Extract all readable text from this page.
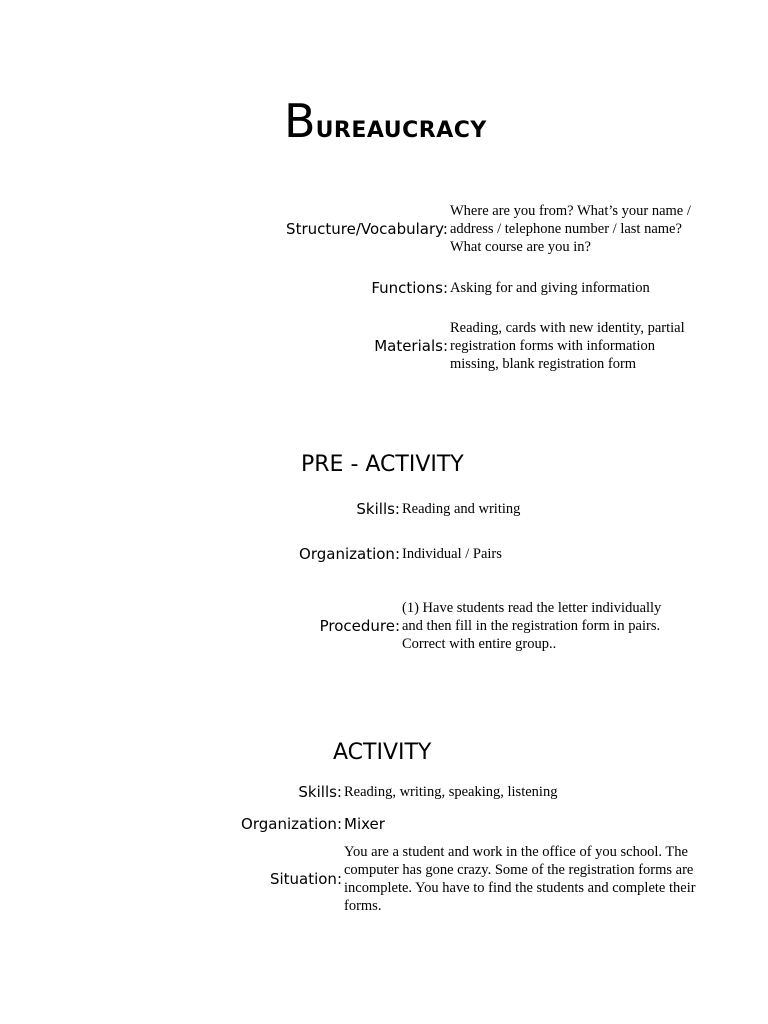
BUREAUCRACY
Structure/Vocabulary:
Where are you from? What’s your name / address / telephone number / last name? What course are you in?
Functions: Asking for and giving information
Materials:
Reading, cards with new identity, partial registration forms with information missing, blank registration form
PRE - ACTIVITY
Skills: Reading and writing
Organization: Individual / Pairs
Procedure:
(1) Have students read the letter individually and then fill in the registration form in pairs. Correct with entire group..
ACTIVITY
Skills: Reading, writing, speaking, listening
Organization: Mixer
Situation:
You are a student and work in the office of you school. The computer has gone crazy. Some of the registration forms are incomplete. You have to find the students and complete their forms.
